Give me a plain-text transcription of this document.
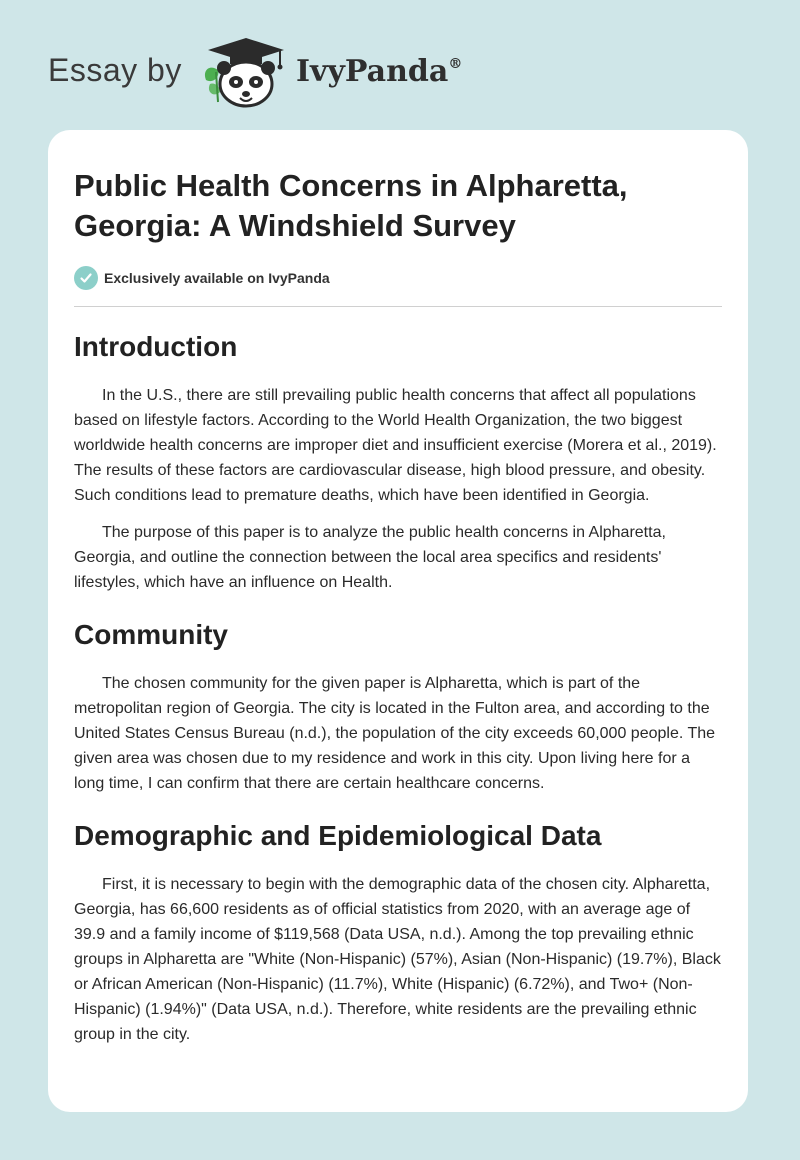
Essay by	IvyPanda®
Public Health Concerns in Alpharetta, Georgia: A Windshield Survey
Exclusively available on IvyPanda
Introduction

In the U.S., there are still prevailing public health concerns that affect all populations based on lifestyle factors. According to the World Health Organization, the two biggest worldwide health concerns are improper diet and insufficient exercise (Morera et al., 2019). The results of these factors are cardiovascular disease, high blood pressure, and obesity. Such conditions lead to premature deaths, which have been identified in Georgia.

The purpose of this paper is to analyze the public health concerns in Alpharetta, Georgia, and outline the connection between the local area specifics and residents' lifestyles, which have an influence on Health.

Community

The chosen community for the given paper is Alpharetta, which is part of the metropolitan region of Georgia. The city is located in the Fulton area, and according to the United States Census Bureau (n.d.), the population of the city exceeds 60,000 people. The given area was chosen due to my residence and work in this city. Upon living here for a long time, I can confirm that there are certain healthcare concerns.

Demographic and Epidemiological Data

First, it is necessary to begin with the demographic data of the chosen city. Alpharetta, Georgia, has 66,600 residents as of official statistics from 2020, with an average age of 39.9 and a family income of $119,568 (Data USA, n.d.). Among the top prevailing ethnic groups in Alpharetta are "White (Non-Hispanic) (57%), Asian (Non-Hispanic) (19.7%), Black or African American (Non-Hispanic) (11.7%), White (Hispanic) (6.72%), and Two+ (Non-Hispanic) (1.94%)" (Data USA, n.d.). Therefore, white residents are the prevailing ethnic group in the city.
